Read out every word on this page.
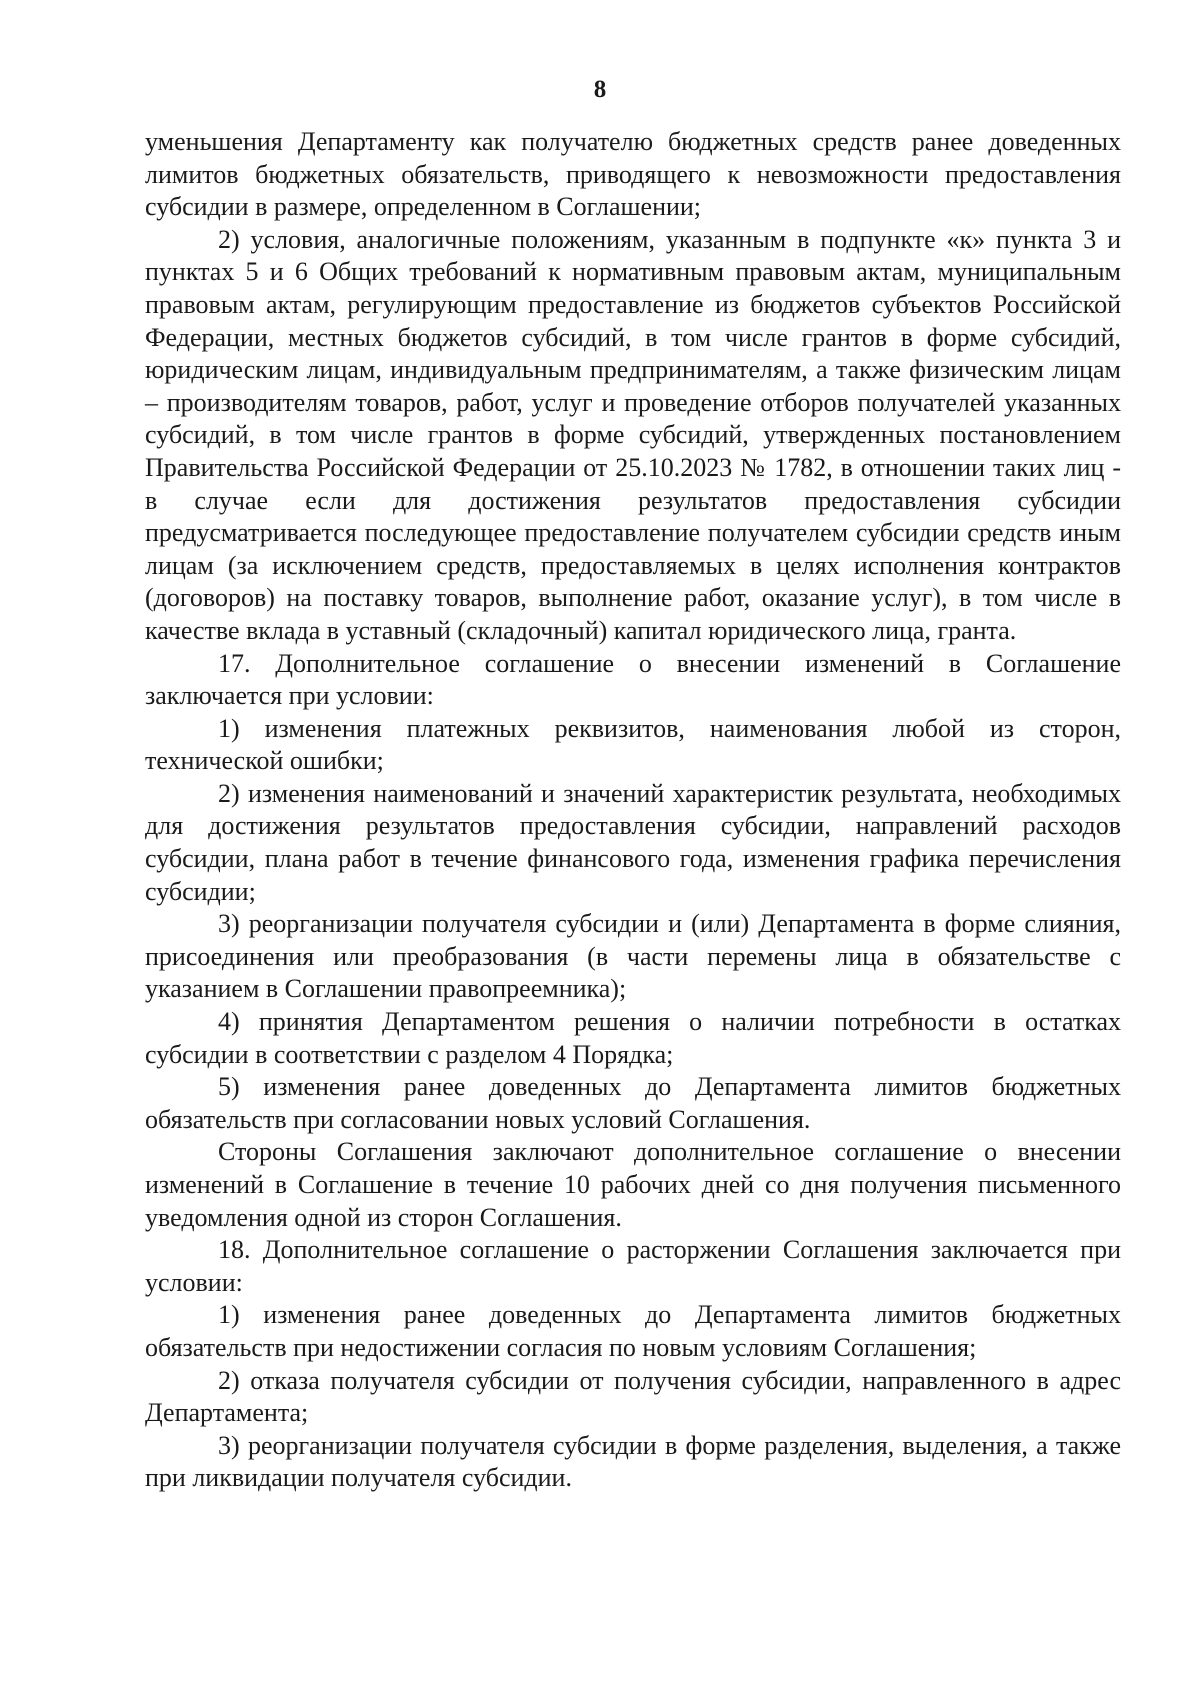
8

уменьшения Департаменту как получателю бюджетных средств ранее доведенных лимитов бюджетных обязательств, приводящего к невозможности предоставления субсидии в размере, определенном в Соглашении;

2) условия, аналогичные положениям, указанным в подпункте «к» пункта 3 и пунктах 5 и 6 Общих требований к нормативным правовым актам, муниципальным правовым актам, регулирующим предоставление из бюджетов субъектов Российской Федерации, местных бюджетов субсидий, в том числе грантов в форме субсидий, юридическим лицам, индивидуальным предпринимателям, а также физическим лицам – производителям товаров, работ, услуг и проведение отборов получателей указанных субсидий, в том числе грантов в форме субсидий, утвержденных постановлением Правительства Российской Федерации от 25.10.2023 № 1782, в отношении таких лиц - в случае если для достижения результатов предоставления субсидии предусматривается последующее предоставление получателем субсидии средств иным лицам (за исключением средств, предоставляемых в целях исполнения контрактов (договоров) на поставку товаров, выполнение работ, оказание услуг), в том числе в качестве вклада в уставный (складочный) капитал юридического лица, гранта.

17. Дополнительное соглашение о внесении изменений в Соглашение заключается при условии:

1) изменения платежных реквизитов, наименования любой из сторон, технической ошибки;

2) изменения наименований и значений характеристик результата, необходимых для достижения результатов предоставления субсидии, направлений расходов субсидии, плана работ в течение финансового года, изменения графика перечисления субсидии;

3) реорганизации получателя субсидии и (или) Департамента в форме слияния, присоединения или преобразования (в части перемены лица в обязательстве с указанием в Соглашении правопреемника);

4) принятия Департаментом решения о наличии потребности в остатках субсидии в соответствии с разделом 4 Порядка;

5) изменения ранее доведенных до Департамента лимитов бюджетных обязательств при согласовании новых условий Соглашения.

Стороны Соглашения заключают дополнительное соглашение о внесении изменений в Соглашение в течение 10 рабочих дней со дня получения письменного уведомления одной из сторон Соглашения.

18. Дополнительное соглашение о расторжении Соглашения заключается при условии:

1) изменения ранее доведенных до Департамента лимитов бюджетных обязательств при недостижении согласия по новым условиям Соглашения;

2) отказа получателя субсидии от получения субсидии, направленного в адрес Департамента;

3) реорганизации получателя субсидии в форме разделения, выделения, а также при ликвидации получателя субсидии.
